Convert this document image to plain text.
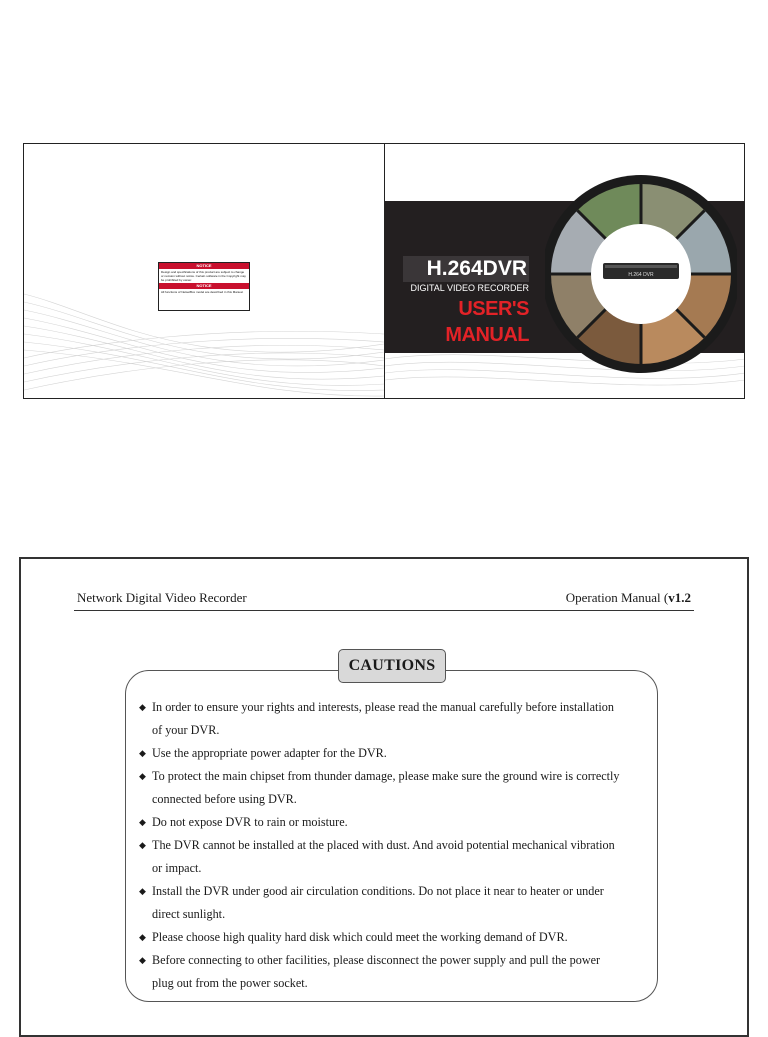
NOTICE
Design and specifications of this product are subject to change or revision without notice. Certain software in the Copyright may be prohibited by owner.
NOTICE
All functions of NetsetBox model are described in this Manual.
H.264DVR
DIGITAL VIDEO RECORDER
USER'S MANUAL
H.264 DVR
Network Digital Video Recorder	Operation Manual (v1.2
CAUTIONS
◆ In order to ensure your rights and interests, please read the manual carefully before installation
of your DVR.
◆ Use the appropriate power adapter for the DVR.
◆ To protect the main chipset from thunder damage, please make sure the ground wire is correctly
connected before using DVR.
◆ Do not expose DVR to rain or moisture.
◆ The DVR cannot be installed at the placed with dust. And avoid potential mechanical vibration
or impact.
◆ Install the DVR under good air circulation conditions. Do not place it near to heater or under
direct sunlight.
◆ Please choose high quality hard disk which could meet the working demand of DVR.
◆ Before connecting to other facilities, please disconnect the power supply and pull the power
plug out from the power socket.
